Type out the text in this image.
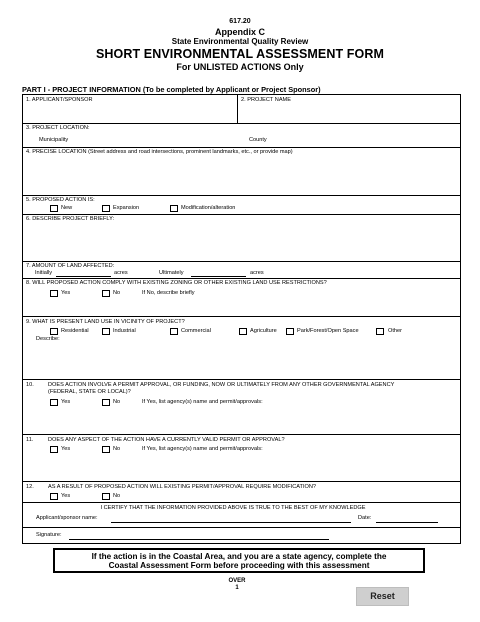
617.20
Appendix C
State Environmental Quality Review
SHORT ENVIRONMENTAL ASSESSMENT FORM
For UNLISTED ACTIONS Only
PART I - PROJECT INFORMATION (To be completed by Applicant or Project Sponsor)
1. APPLICANT/SPONSOR	2. PROJECT NAME
3. PROJECT LOCATION:
Municipality	County
4. PRECISE LOCATION (Street address and road intersections, prominent landmarks, etc., or provide map)
5. PROPOSED ACTION IS:
New	Expansion	Modification/alteration
6. DESCRIBE PROJECT BRIEFLY:
7. AMOUNT OF LAND AFFECTED:
Initially	acres	Ultimately	acres
8. WILL PROPOSED ACTION COMPLY WITH EXISTING ZONING OR OTHER EXISTING LAND USE RESTRICTIONS?
Yes	No	If No, describe briefly
9. WHAT IS PRESENT LAND USE IN VICINITY OF PROJECT?
Residential	Industrial	Commercial	Agriculture	Park/Forest/Open Space	Other
Describe:
10.	DOES ACTION INVOLVE A PERMIT APPROVAL, OR FUNDING, NOW OR ULTIMATELY FROM ANY OTHER GOVERNMENTAL AGENCY
(FEDERAL, STATE OR LOCAL)?
Yes	No	If Yes, list agency(s) name and permit/approvals:
11.	DOES ANY ASPECT OF THE ACTION HAVE A CURRENTLY VALID PERMIT OR APPROVAL?
Yes	No	If Yes, list agency(s) name and permit/approvals:
12.	AS A RESULT OF PROPOSED ACTION WILL EXISTING PERMIT/APPROVAL REQUIRE MODIFICATION?
Yes	No
I CERTIFY THAT THE INFORMATION PROVIDED ABOVE IS TRUE TO THE BEST OF MY KNOWLEDGE
Applicant/sponsor name:	Date:
Signature:
If the action is in the Coastal Area, and you are a state agency, complete the
Coastal Assessment Form before proceeding with this assessment
OVER
1
Reset
